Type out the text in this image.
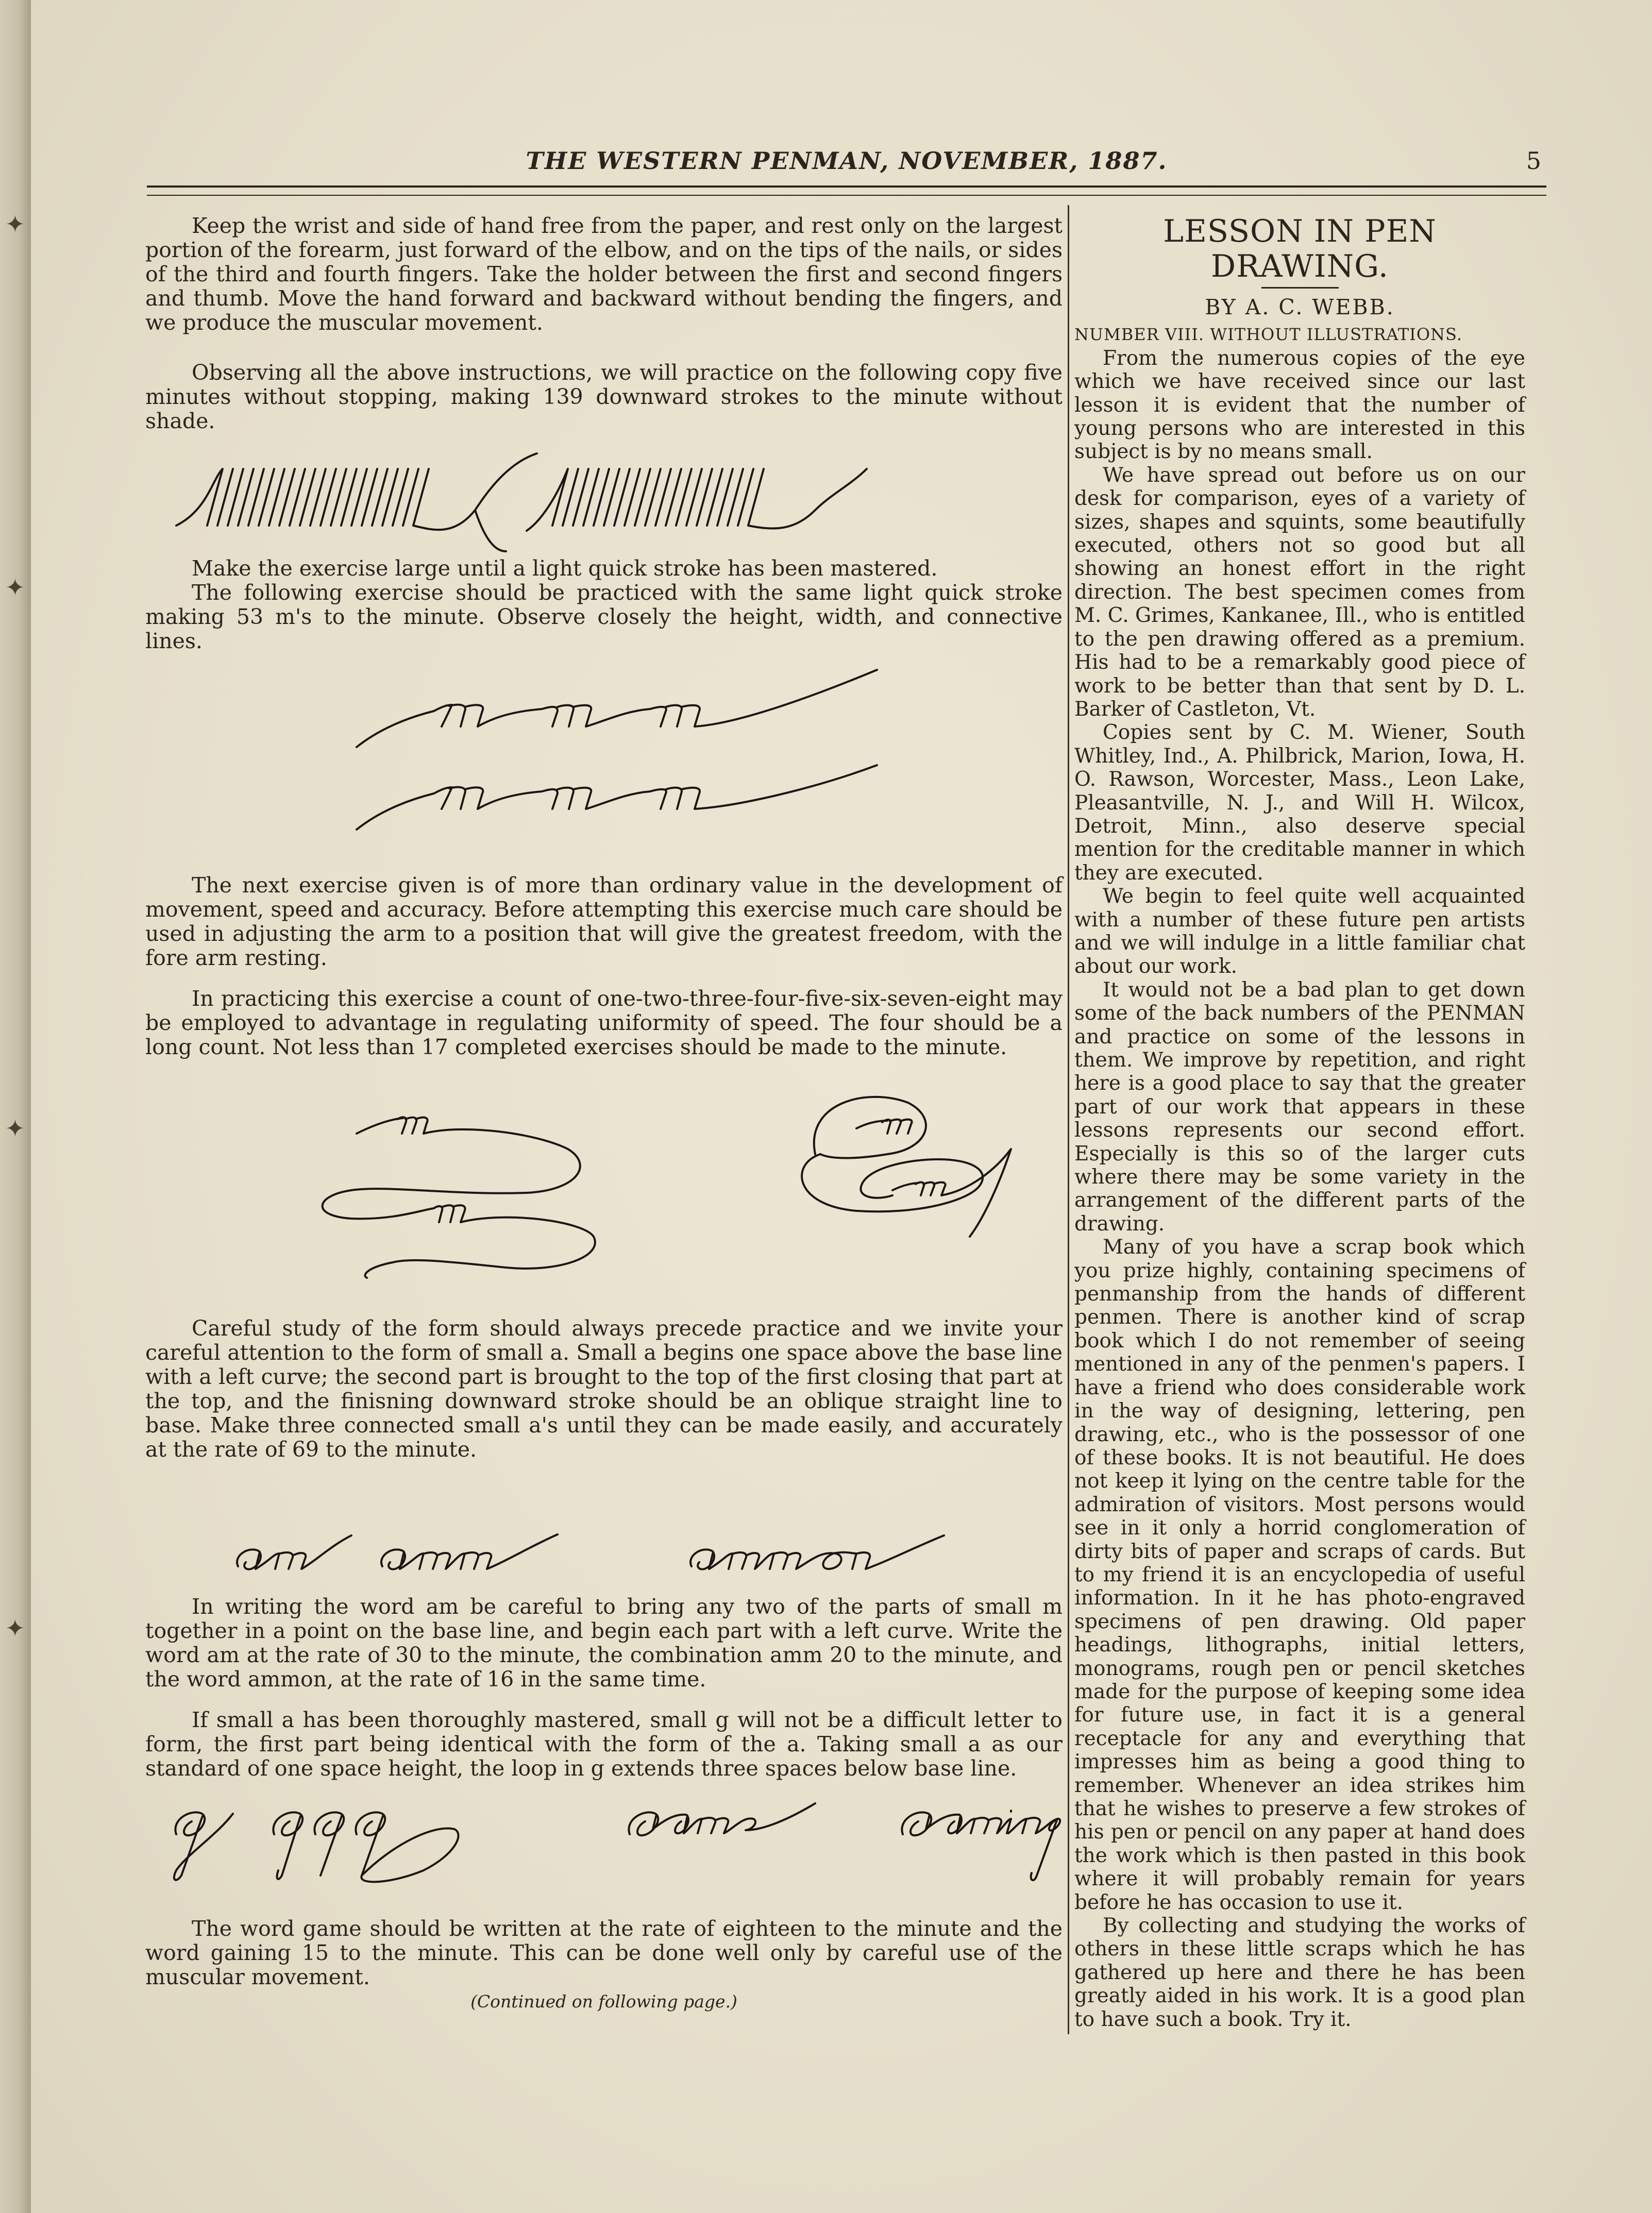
✦
✦
✦
✦
THE WESTERN PENMAN, NOVEMBER, 1887.	5
Keep the wrist and side of hand free from the paper, and rest only on the largest portion of the forearm, just forward of the elbow, and on the tips of the nails, or sides of the third and fourth fingers. Take the holder between the first and second fingers and thumb. Move the hand forward and backward without bending the fingers, and we produce the muscular movement.
Observing all the above instructions, we will practice on the following copy five minutes without stopping, making 139 downward strokes to the minute without shade.
Make the exercise large until a light quick stroke has been mastered.
The following exercise should be practiced with the same light quick stroke making 53 m's to the minute. Observe closely the height, width, and connective lines.
The next exercise given is of more than ordinary value in the development of movement, speed and accuracy. Before attempting this exercise much care should be used in adjusting the arm to a position that will give the greatest freedom, with the fore arm resting.
In practicing this exercise a count of one-two-three-four-five-six-seven-eight may be employed to advantage in regulating uniformity of speed. The four should be a long count. Not less than 17 completed exercises should be made to the minute.
Careful study of the form should always precede practice and we invite your careful attention to the form of small a. Small a begins one space above the base line with a left curve; the second part is brought to the top of the first closing that part at the top, and the finisning downward stroke should be an oblique straight line to base. Make three connected small a's until they can be made easily, and accurately at the rate of 69 to the minute.
In writing the word am be careful to bring any two of the parts of small m together in a point on the base line, and begin each part with a left curve. Write the word am at the rate of 30 to the minute, the combination amm 20 to the minute, and the word ammon, at the rate of 16 in the same time.
If small a has been thoroughly mastered, small g will not be a difficult letter to form, the first part being identical with the form of the a. Taking small a as our standard of one space height, the loop in g extends three spaces below base line.
The word game should be written at the rate of eighteen to the minute and the word gaining 15 to the minute. This can be done well only by careful use of the muscular movement.
(Continued on following page.)
LESSON IN PEN DRAWING.
BY A. C. WEBB.

NUMBER VIII. WITHOUT ILLUSTRATIONS.

From the numerous copies of the eye which we have received since our last lesson it is evident that the number of young persons who are interested in this subject is by no means small.

We have spread out before us on our desk for comparison, eyes of a variety of sizes, shapes and squints, some beautifully executed, others not so good but all showing an honest effort in the right direction. The best specimen comes from M. C. Grimes, Kankanee, Ill., who is entitled to the pen drawing offered as a premium. His had to be a remarkably good piece of work to be better than that sent by D. L. Barker of Castleton, Vt.

Copies sent by C. M. Wiener, South Whitley, Ind., A. Philbrick, Marion, Iowa, H. O. Rawson, Worcester, Mass., Leon Lake, Pleasantville, N. J., and Will H. Wilcox, Detroit, Minn., also deserve special mention for the creditable manner in which they are executed.

We begin to feel quite well acquainted with a number of these future pen artists and we will indulge in a little familiar chat about our work.

It would not be a bad plan to get down some of the back numbers of the PENMAN and practice on some of the lessons in them. We improve by repetition, and right here is a good place to say that the greater part of our work that appears in these lessons represents our second effort. Especially is this so of the larger cuts where there may be some variety in the arrangement of the different parts of the drawing.

Many of you have a scrap book which you prize highly, containing specimens of penmanship from the hands of different penmen. There is another kind of scrap book which I do not remember of seeing mentioned in any of the penmen's papers. I have a friend who does considerable work in the way of designing, lettering, pen drawing, etc., who is the possessor of one of these books. It is not beautiful. He does not keep it lying on the centre table for the admiration of visitors. Most persons would see in it only a horrid conglomeration of dirty bits of paper and scraps of cards. But to my friend it is an encyclopedia of useful information. In it he has photo-engraved specimens of pen drawing. Old paper headings, lithographs, initial letters, monograms, rough pen or pencil sketches made for the purpose of keeping some idea for future use, in fact it is a general receptacle for any and everything that impresses him as being a good thing to remember. Whenever an idea strikes him that he wishes to preserve a few strokes of his pen or pencil on any paper at hand does the work which is then pasted in this book where it will probably remain for years before he has occasion to use it.

By collecting and studying the works of others in these little scraps which he has gathered up here and there he has been greatly aided in his work. It is a good plan to have such a book. Try it.
